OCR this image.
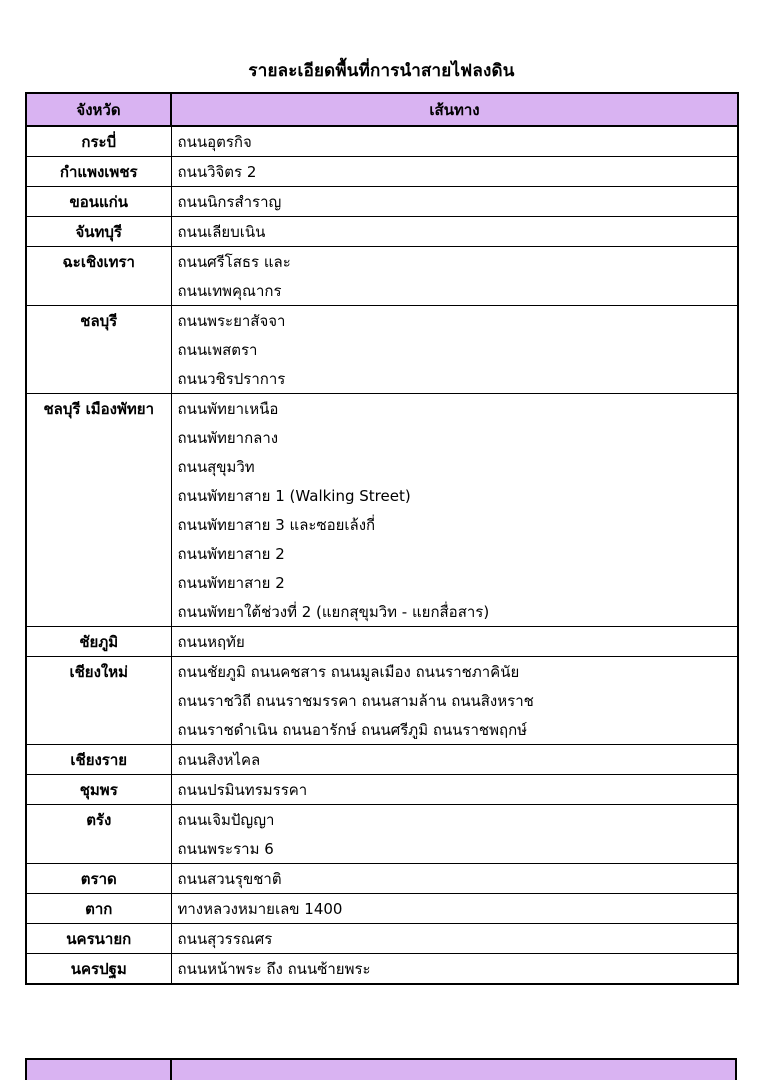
รายละเอียดพื้นที่การนำสายไฟลงดิน
จังหวัด	เส้นทาง

กระบี่	ถนนอุตรกิจ

กำแพงเพชร	ถนนวิจิตร 2

ขอนแก่น	ถนนนิกรสำราญ

จันทบุรี	ถนนเลียบเนิน

ฉะเชิงเทรา	ถนนศรีโสธร และ
ถนนเทพคุณากร

ชลบุรี	ถนนพระยาสัจจา
ถนนเพสตรา
ถนนวชิรปราการ

ชลบุรี เมืองพัทยา	ถนนพัทยาเหนือ
ถนนพัทยากลาง
ถนนสุขุมวิท
ถนนพัทยาสาย 1 (Walking Street)
ถนนพัทยาสาย 3 และซอยเล้งกี่
ถนนพัทยาสาย 2
ถนนพัทยาสาย 2
ถนนพัทยาใต้ช่วงที่ 2 (แยกสุขุมวิท - แยกสื่อสาร)

ชัยภูมิ	ถนนหฤทัย

เชียงใหม่	ถนนชัยภูมิ ถนนคชสาร ถนนมูลเมือง ถนนราชภาคินัย
ถนนราชวิถี ถนนราชมรรคา ถนนสามล้าน ถนนสิงหราช
ถนนราชดำเนิน ถนนอารักษ์ ถนนศรีภูมิ ถนนราชพฤกษ์

เชียงราย	ถนนสิงหไคล

ชุมพร	ถนนปรมินทรมรรคา

ตรัง	ถนนเจิมปัญญา
ถนนพระราม 6

ตราด	ถนนสวนรุขชาติ

ตาก	ทางหลวงหมายเลข 1400

นครนายก	ถนนสุวรรณศร

นครปฐม	ถนนหน้าพระ ถึง ถนนซ้ายพระ
